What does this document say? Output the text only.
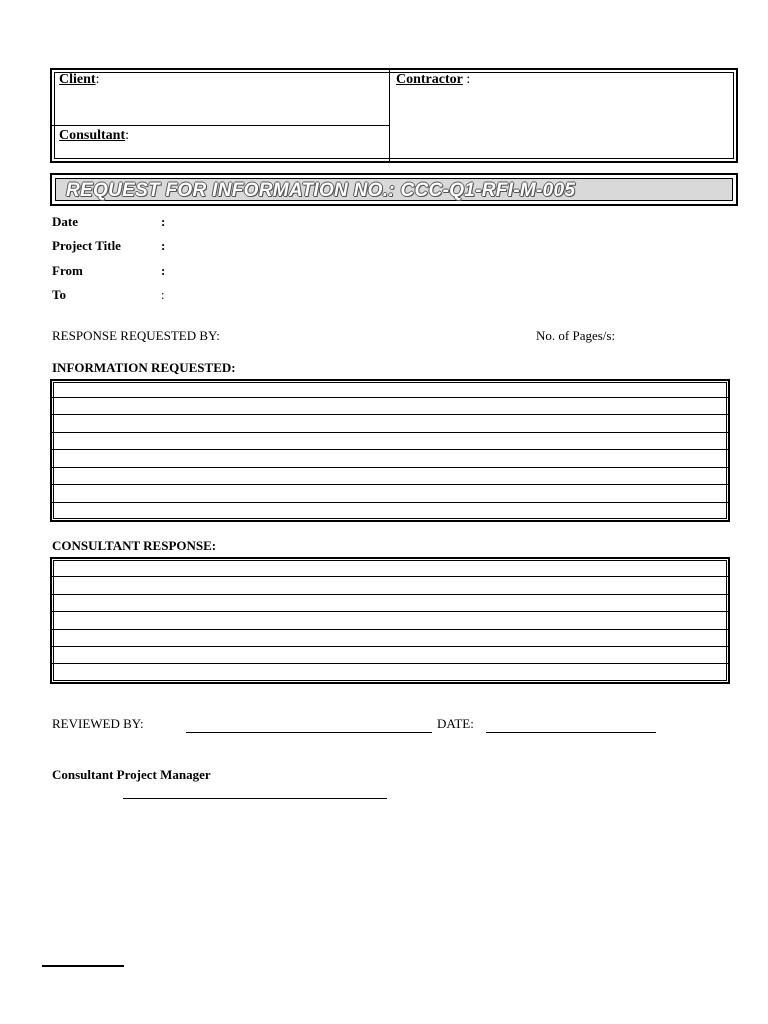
Client:
Consultant:
Contractor :
REQUEST FOR INFORMATION NO.: CCC-Q1-RFI-M-005
Date	:
Project Title	:
From	:
To	:
RESPONSE REQUESTED BY:	No. of Pages/s:
INFORMATION REQUESTED:
CONSULTANT RESPONSE:
REVIEWED BY:	DATE:
Consultant Project Manager
